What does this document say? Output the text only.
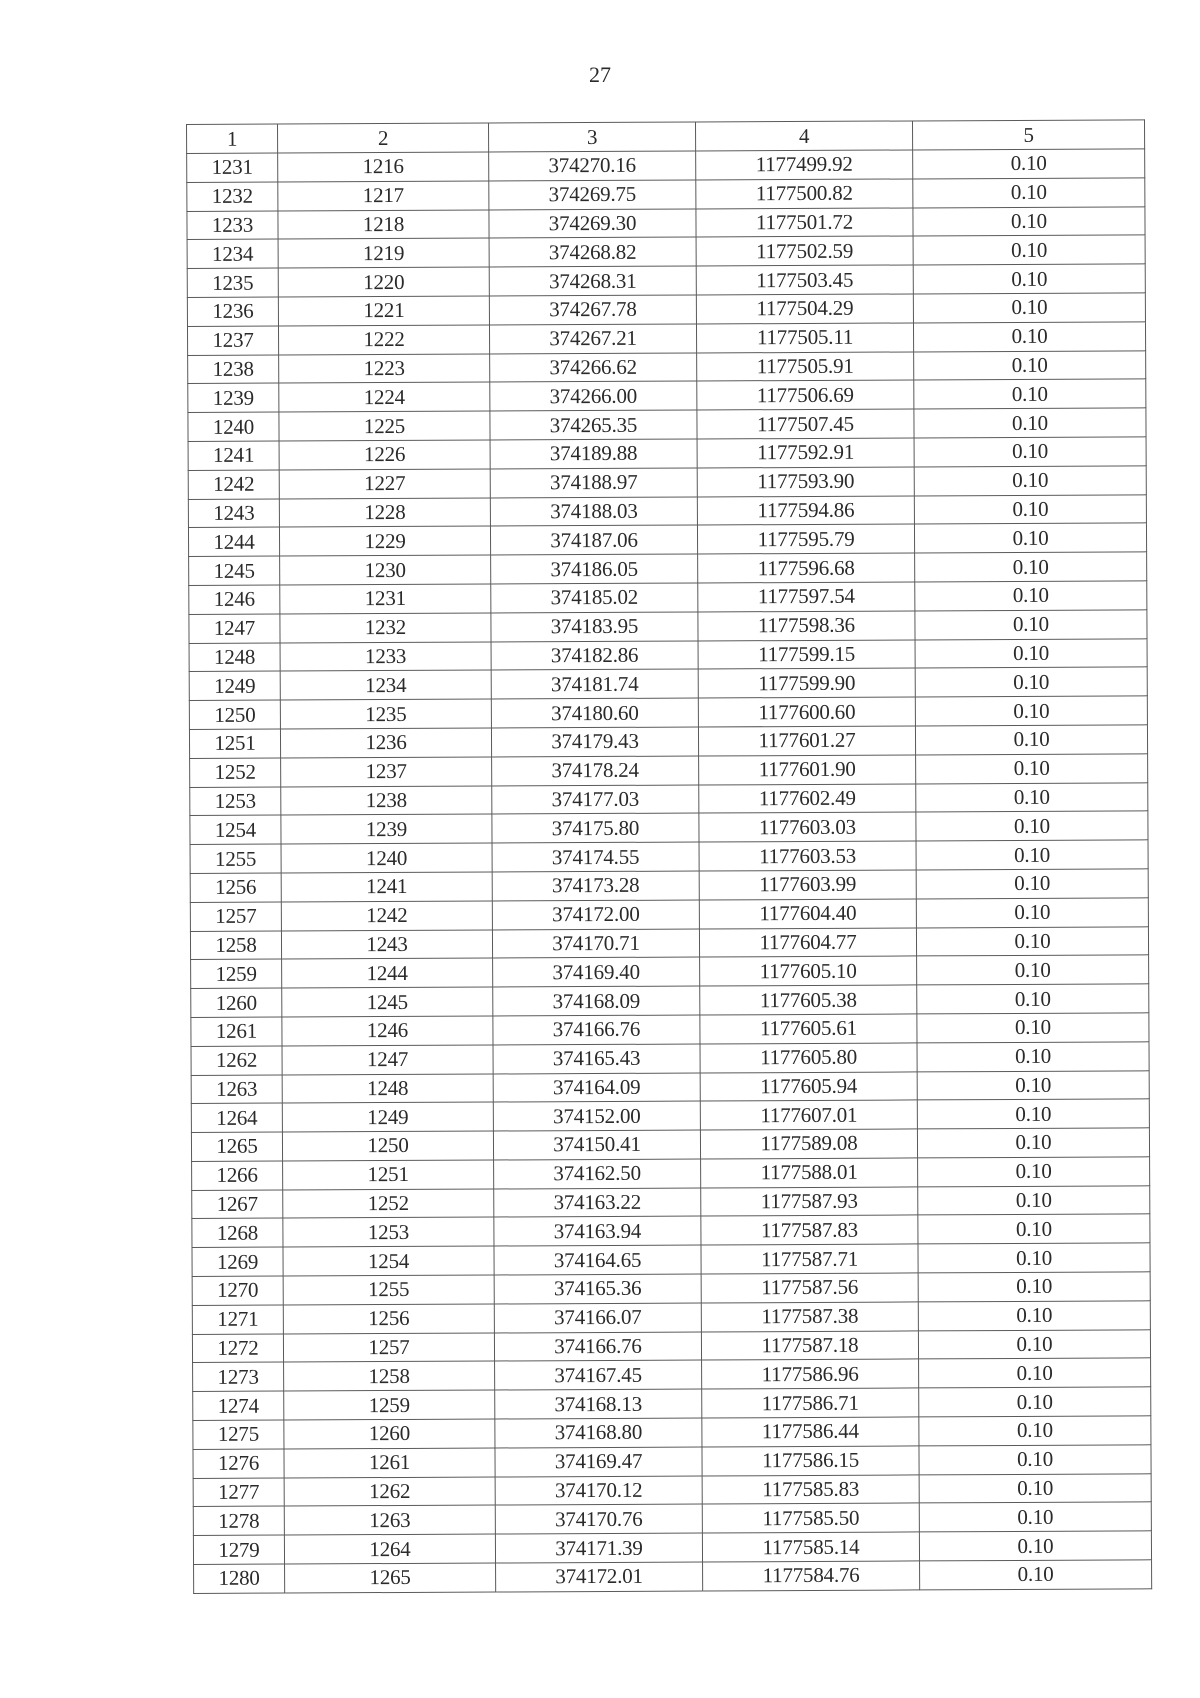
27
1	2	3	4	5
1231	1216	374270.16	1177499.92	0.10
1232	1217	374269.75	1177500.82	0.10
1233	1218	374269.30	1177501.72	0.10
1234	1219	374268.82	1177502.59	0.10
1235	1220	374268.31	1177503.45	0.10
1236	1221	374267.78	1177504.29	0.10
1237	1222	374267.21	1177505.11	0.10
1238	1223	374266.62	1177505.91	0.10
1239	1224	374266.00	1177506.69	0.10
1240	1225	374265.35	1177507.45	0.10
1241	1226	374189.88	1177592.91	0.10
1242	1227	374188.97	1177593.90	0.10
1243	1228	374188.03	1177594.86	0.10
1244	1229	374187.06	1177595.79	0.10
1245	1230	374186.05	1177596.68	0.10
1246	1231	374185.02	1177597.54	0.10
1247	1232	374183.95	1177598.36	0.10
1248	1233	374182.86	1177599.15	0.10
1249	1234	374181.74	1177599.90	0.10
1250	1235	374180.60	1177600.60	0.10
1251	1236	374179.43	1177601.27	0.10
1252	1237	374178.24	1177601.90	0.10
1253	1238	374177.03	1177602.49	0.10
1254	1239	374175.80	1177603.03	0.10
1255	1240	374174.55	1177603.53	0.10
1256	1241	374173.28	1177603.99	0.10
1257	1242	374172.00	1177604.40	0.10
1258	1243	374170.71	1177604.77	0.10
1259	1244	374169.40	1177605.10	0.10
1260	1245	374168.09	1177605.38	0.10
1261	1246	374166.76	1177605.61	0.10
1262	1247	374165.43	1177605.80	0.10
1263	1248	374164.09	1177605.94	0.10
1264	1249	374152.00	1177607.01	0.10
1265	1250	374150.41	1177589.08	0.10
1266	1251	374162.50	1177588.01	0.10
1267	1252	374163.22	1177587.93	0.10
1268	1253	374163.94	1177587.83	0.10
1269	1254	374164.65	1177587.71	0.10
1270	1255	374165.36	1177587.56	0.10
1271	1256	374166.07	1177587.38	0.10
1272	1257	374166.76	1177587.18	0.10
1273	1258	374167.45	1177586.96	0.10
1274	1259	374168.13	1177586.71	0.10
1275	1260	374168.80	1177586.44	0.10
1276	1261	374169.47	1177586.15	0.10
1277	1262	374170.12	1177585.83	0.10
1278	1263	374170.76	1177585.50	0.10
1279	1264	374171.39	1177585.14	0.10
1280	1265	374172.01	1177584.76	0.10
